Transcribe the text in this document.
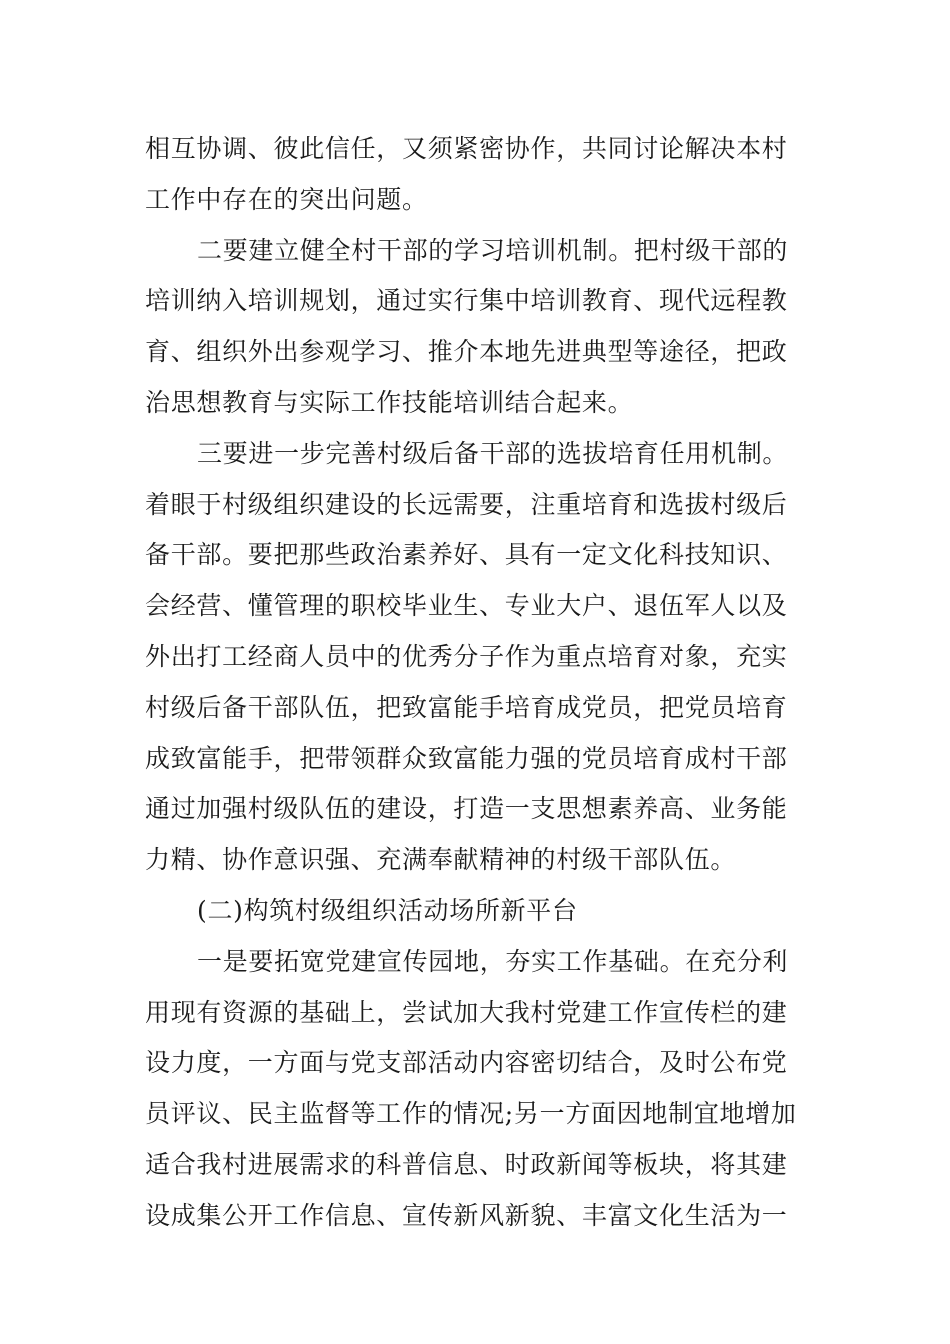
相互协调、彼此信任，又须紧密协作，共同讨论解决本村
工作中存在的突出问题。
二要建立健全村干部的学习培训机制。把村级干部的
培训纳入培训规划，通过实行集中培训教育、现代远程教
育、组织外出参观学习、推介本地先进典型等途径，把政
治思想教育与实际工作技能培训结合起来。
三要进一步完善村级后备干部的选拔培育任用机制。
着眼于村级组织建设的长远需要，注重培育和选拔村级后
备干部。要把那些政治素养好、具有一定文化科技知识、
会经营、懂管理的职校毕业生、专业大户、退伍军人以及
外出打工经商人员中的优秀分子作为重点培育对象，充实
村级后备干部队伍，把致富能手培育成党员，把党员培育
成致富能手，把带领群众致富能力强的党员培育成村干部
通过加强村级队伍的建设，打造一支思想素养高、业务能
力精、协作意识强、充满奉献精神的村级干部队伍。
(二)构筑村级组织活动场所新平台
一是要拓宽党建宣传园地，夯实工作基础。在充分利
用现有资源的基础上，尝试加大我村党建工作宣传栏的建
设力度，一方面与党支部活动内容密切结合，及时公布党
员评议、民主监督等工作的情况;另一方面因地制宜地增加
适合我村进展需求的科普信息、时政新闻等板块，将其建
设成集公开工作信息、宣传新风新貌、丰富文化生活为一
